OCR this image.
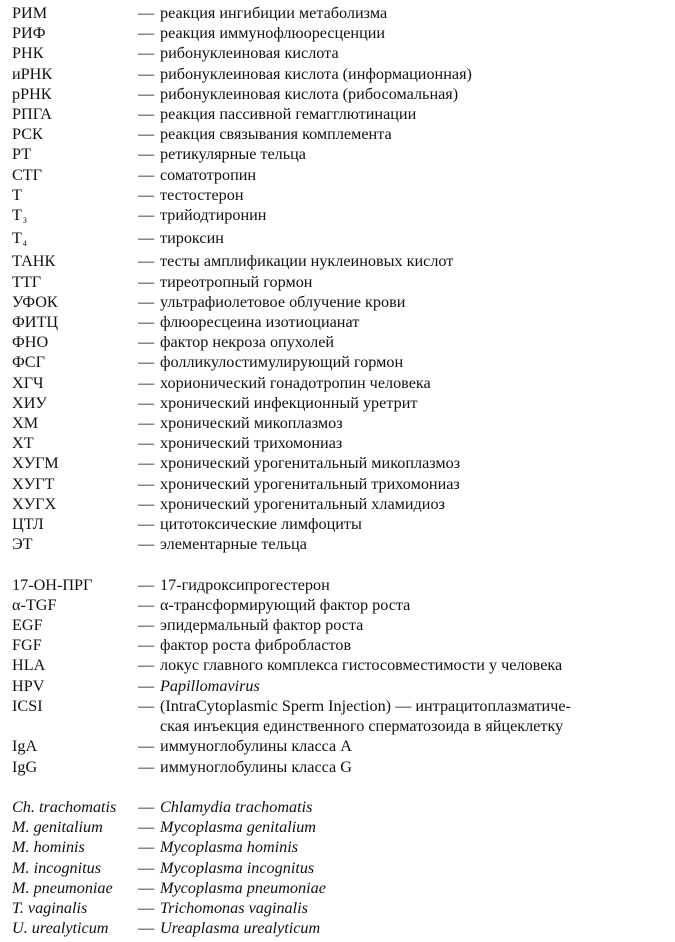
РИМ	— реакция ингибиции метаболизма
РИФ	— реакция иммунофлюоресценции
РНК	— рибонуклеиновая кислота
иРНК	— рибонуклеиновая кислота (информационная)
рРНК	— рибонуклеиновая кислота (рибосомальная)
РПГА	— реакция пассивной гемагглютинации
РСК	— реакция связывания комплемента
РТ	— ретикулярные тельца
СТГ	— соматотропин
Т	— тестостерон
Т3	— трийодтиронин
Т4	— тироксин
ТАНК	— тесты амплификации нуклеиновых кислот
ТТГ	— тиреотропный гормон
УФОК	— ультрафиолетовое облучение крови
ФИТЦ	— флюоресцеина изотиоцианат
ФНО	— фактор некроза опухолей
ФСГ	— фолликулостимулирующий гормон
ХГЧ	— хорионический гонадотропин человека
ХИУ	— хронический инфекционный уретрит
ХМ	— хронический микоплазмоз
ХТ	— хронический трихомониаз
ХУГМ	— хронический урогенитальный микоплазмоз
ХУГТ	— хронический урогенитальный трихомониаз
ХУГХ	— хронический урогенитальный хламидиоз
ЦТЛ	— цитотоксические лимфоциты
ЭТ	— элементарные тельца
17-ОН-ПРГ	— 17-гидроксипрогестерон
α-TGF	— α-трансформирующий фактор роста
EGF	— эпидермальный фактор роста
FGF	— фактор роста фибробластов
HLA	— локус главного комплекса гистосовместимости у человека
HPV	— Papillomavirus
ICSI	— (IntraCytoplasmic Sperm Injection) — интрацитоплазматиче-
ская инъекция единственного сперматозоида в яйцеклетку
IgA	— иммуноглобулины класса A
IgG	— иммуноглобулины класса G
Ch. trachomatis	— Chlamydia trachomatis
M. genitalium	— Mycoplasma genitalium
M. hominis	— Mycoplasma hominis
M. incognitus	— Mycoplasma incognitus
M. pneumoniae	— Mycoplasma pneumoniae
T. vaginalis	— Trichomonas vaginalis
U. urealyticum	— Ureaplasma urealyticum
